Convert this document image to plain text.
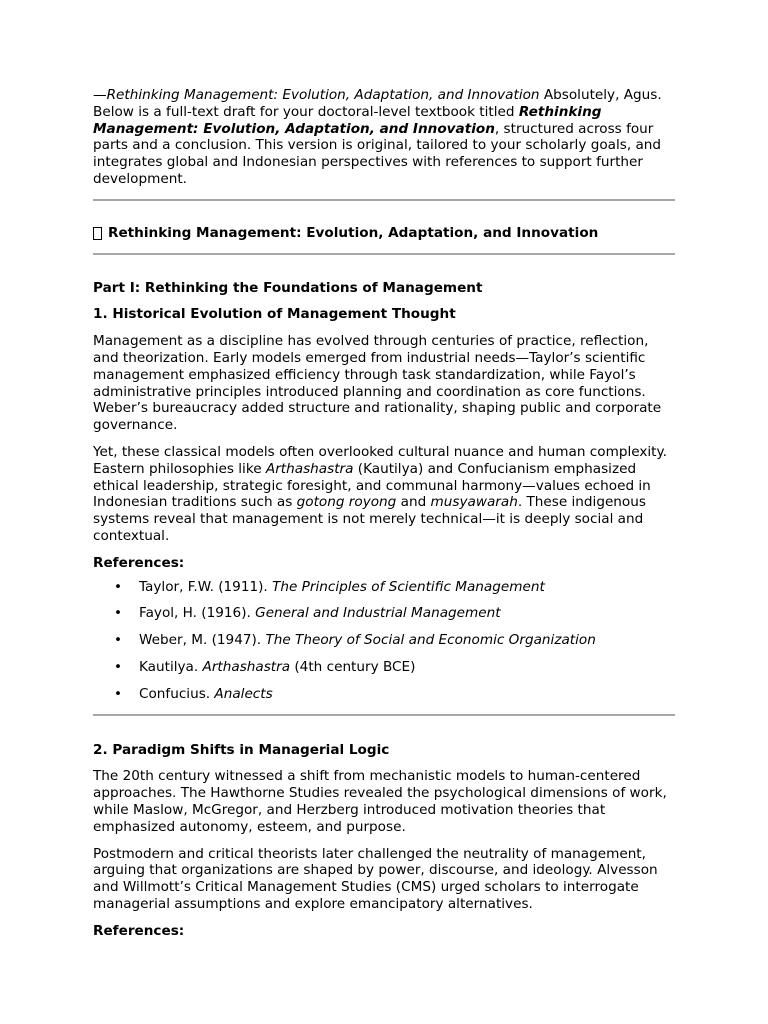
—Rethinking Management: Evolution, Adaptation, and Innovation Absolutely, Agus. Below is a full-text draft for your doctoral-level textbook titled Rethinking Management: Evolution, Adaptation, and Innovation, structured across four parts and a conclusion. This version is original, tailored to your scholarly goals, and integrates global and Indonesian perspectives with references to support further development.

Rethinking Management: Evolution, Adaptation, and Innovation

Part I: Rethinking the Foundations of Management

1. Historical Evolution of Management Thought

Management as a discipline has evolved through centuries of practice, reflection, and theorization. Early models emerged from industrial needs—Taylor’s scientific management emphasized efficiency through task standardization, while Fayol’s administrative principles introduced planning and coordination as core functions. Weber’s bureaucracy added structure and rationality, shaping public and corporate governance.

Yet, these classical models often overlooked cultural nuance and human complexity. Eastern philosophies like Arthashastra (Kautilya) and Confucianism emphasized ethical leadership, strategic foresight, and communal harmony—values echoed in Indonesian traditions such as gotong royong and musyawarah. These indigenous systems reveal that management is not merely technical—it is deeply social and contextual.

References:

• Taylor, F.W. (1911). The Principles of Scientific Management
• Fayol, H. (1916). General and Industrial Management
• Weber, M. (1947). The Theory of Social and Economic Organization
• Kautilya. Arthashastra (4th century BCE)
• Confucius. Analects

2. Paradigm Shifts in Managerial Logic

The 20th century witnessed a shift from mechanistic models to human-centered approaches. The Hawthorne Studies revealed the psychological dimensions of work, while Maslow, McGregor, and Herzberg introduced motivation theories that emphasized autonomy, esteem, and purpose.

Postmodern and critical theorists later challenged the neutrality of management, arguing that organizations are shaped by power, discourse, and ideology. Alvesson and Willmott’s Critical Management Studies (CMS) urged scholars to interrogate managerial assumptions and explore emancipatory alternatives.

References:
